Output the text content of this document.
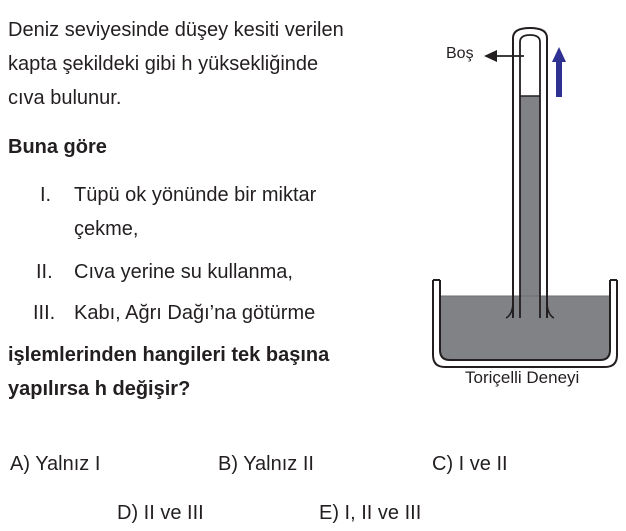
Deniz seviyesinde düşey kesiti verilen
kapta şekildeki gibi h yüksekliğinde
cıva bulunur.
Buna göre
I. Tüpü ok yönünde bir miktar
çekme,
II. Cıva yerine su kullanma,
III. Kabı, Ağrı Dağı’na götürme
işlemlerinden hangileri tek başına
yapılırsa h değişir?
Boş
Toriçelli Deneyi
A) Yalnız I	B) Yalnız II	C) I ve II
D) II ve III	E) I, II ve III
